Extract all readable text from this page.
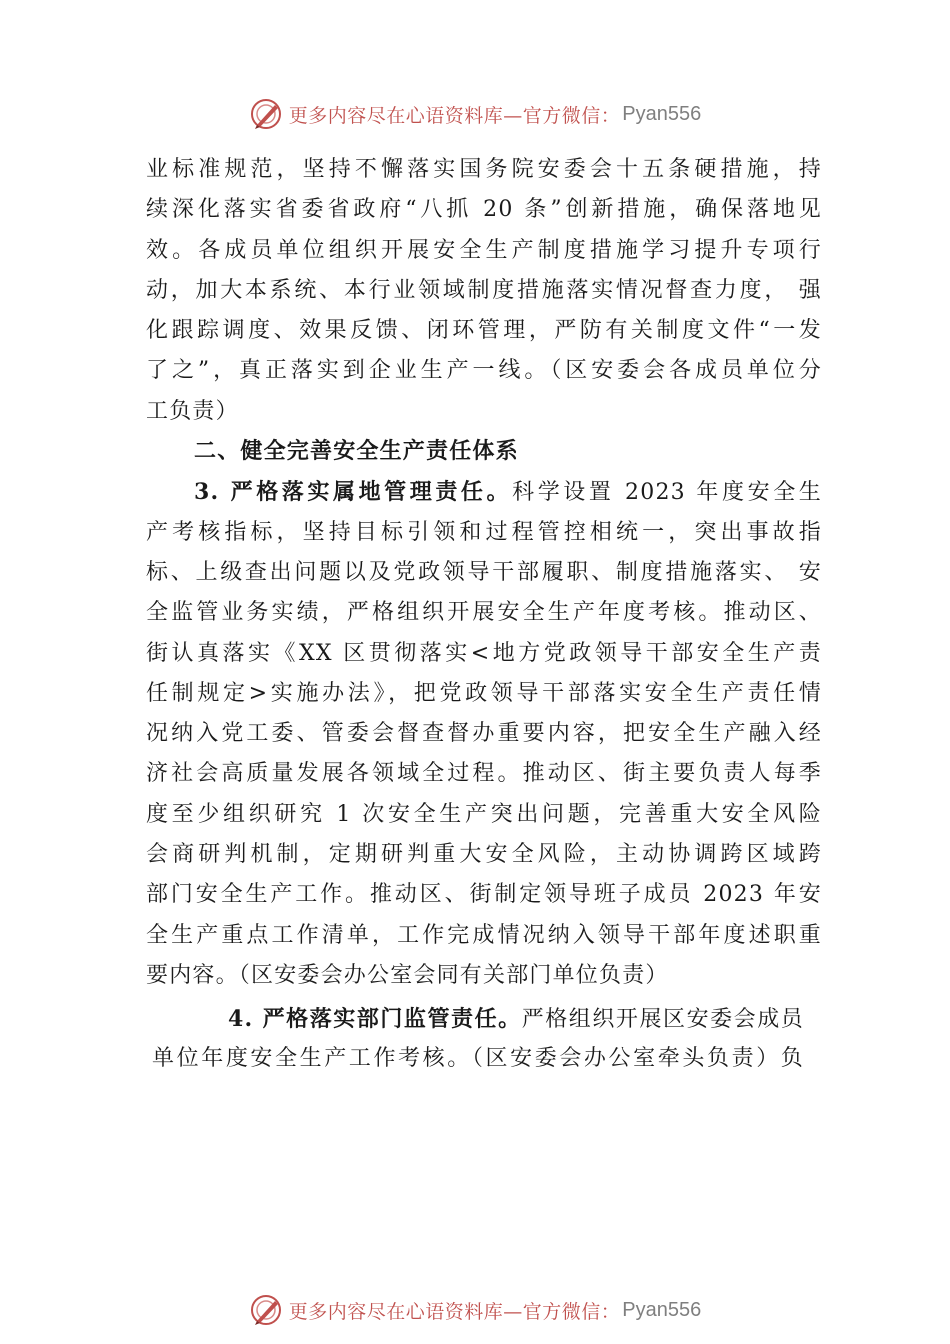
更多内容尽在心语资料库—官方微信： Pyan556
业标准规范，坚持不懈落实国务院安委会十五条硬措施，持
续深化落实省委省政府“八抓 20 条”创新措施，确保落地见
效。各成员单位组织开展安全生产制度措施学习提升专项行
动，加大本系统、本行业领域制度措施落实情况督查力度， 强
化跟踪调度、效果反馈、闭环管理，严防有关制度文件“一发
了之”，真正落实到企业生产一线。（区安委会各成员单位分
工负责）
二、健全完善安全生产责任体系
3. 严格落实属地管理责任。科学设置 2023 年度安全生
产考核指标，坚持目标引领和过程管控相统一，突出事故指
标、上级查出问题以及党政领导干部履职、制度措施落实、 安
全监管业务实绩，严格组织开展安全生产年度考核。推动区、
街认真落实《XX 区贯彻落实<地方党政领导干部安全生产责
任制规定>实施办法》，把党政领导干部落实安全生产责任情
况纳入党工委、管委会督查督办重要内容，把安全生产融入经
济社会高质量发展各领域全过程。推动区、街主要负责人每季
度至少组织研究 1 次安全生产突出问题，完善重大安全风险
会商研判机制，定期研判重大安全风险，主动协调跨区域跨
部门安全生产工作。推动区、街制定领导班子成员 2023 年安
全生产重点工作清单，工作完成情况纳入领导干部年度述职重
要内容。（区安委会办公室会同有关部门单位负责）
4. 严格落实部门监管责任。严格组织开展区安委会成员
单位年度安全生产工作考核。（区安委会办公室牵头负责）负
更多内容尽在心语资料库—官方微信： Pyan556
